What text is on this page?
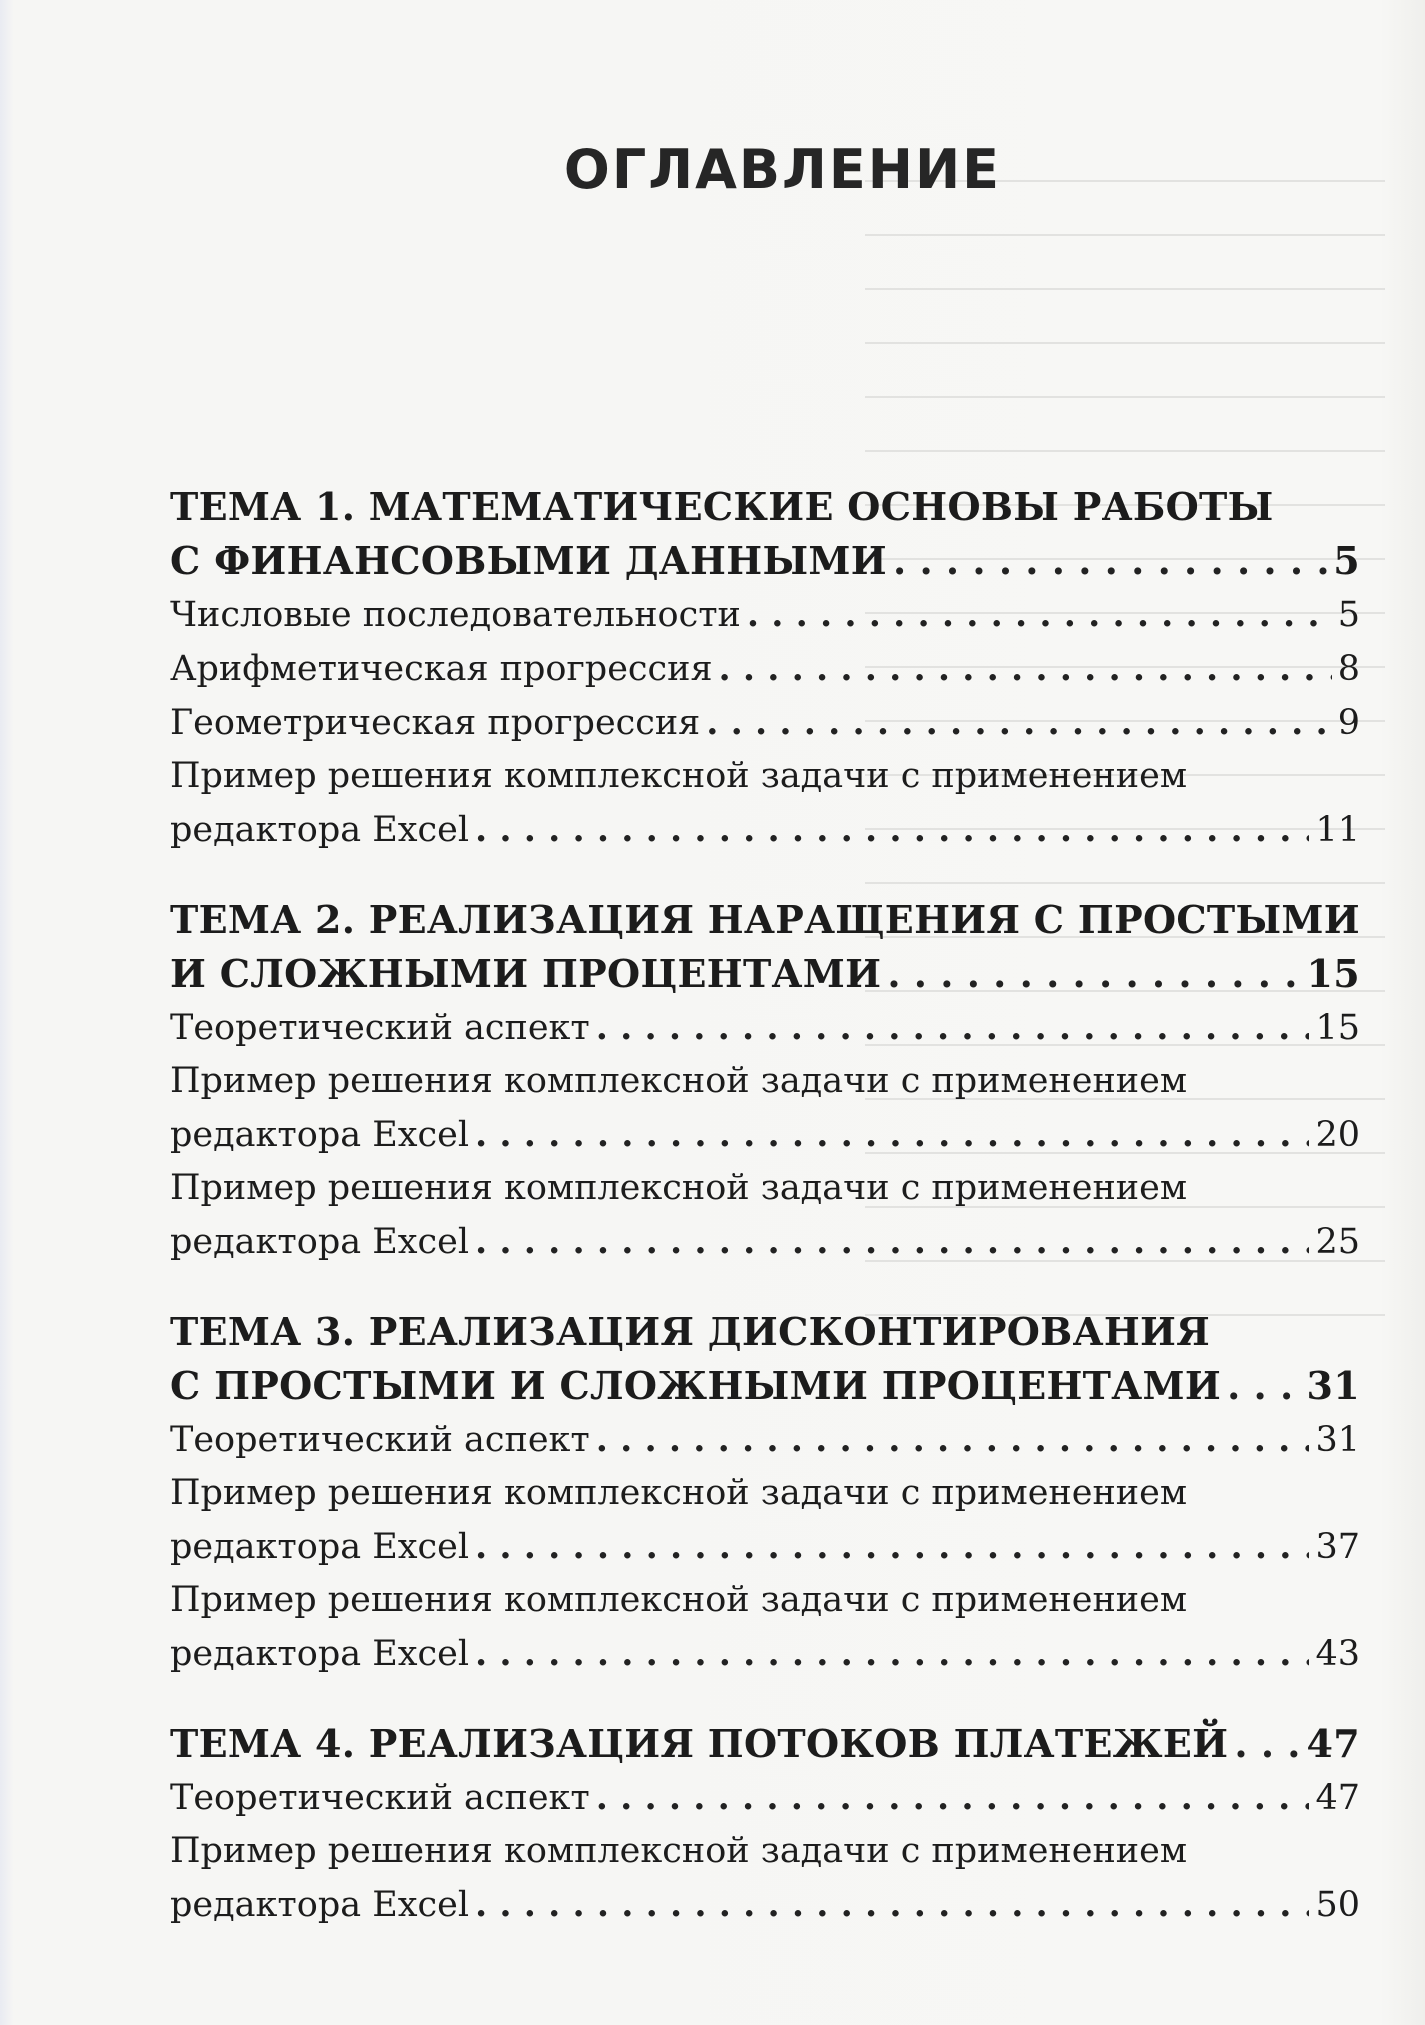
ОГЛАВЛЕНИЕ
ТЕМА 1. МАТЕМАТИЧЕСКИЕ ОСНОВЫ РАБОТЫ
С ФИНАНСОВЫМИ ДАННЫМИ . . .	5
Числовые последовательности . . .	5
Арифметическая прогрессия . . .	8
Геометрическая прогрессия . . .	9
Пример решения комплексной задачи с применением
редактора Excel . . .	11
ТЕМА 2. РЕАЛИЗАЦИЯ НАРАЩЕНИЯ С ПРОСТЫМИ
И СЛОЖНЫМИ ПРОЦЕНТАМИ . . .	15
Теоретический аспект . . .	15
Пример решения комплексной задачи с применением
редактора Excel . . .	20
Пример решения комплексной задачи с применением
редактора Excel . . .	25
ТЕМА 3. РЕАЛИЗАЦИЯ ДИСКОНТИРОВАНИЯ
С ПРОСТЫМИ И СЛОЖНЫМИ ПРОЦЕНТАМИ . . . 31
Теоретический аспект . . .	31
Пример решения комплексной задачи с применением
редактора Excel . . .	37
Пример решения комплексной задачи с применением
редактора Excel . . .	43
ТЕМА 4. РЕАЛИЗАЦИЯ ПОТОКОВ ПЛАТЕЖЕЙ . . . 47
Теоретический аспект . . .	47
Пример решения комплексной задачи с применением
редактора Excel . . .	50
